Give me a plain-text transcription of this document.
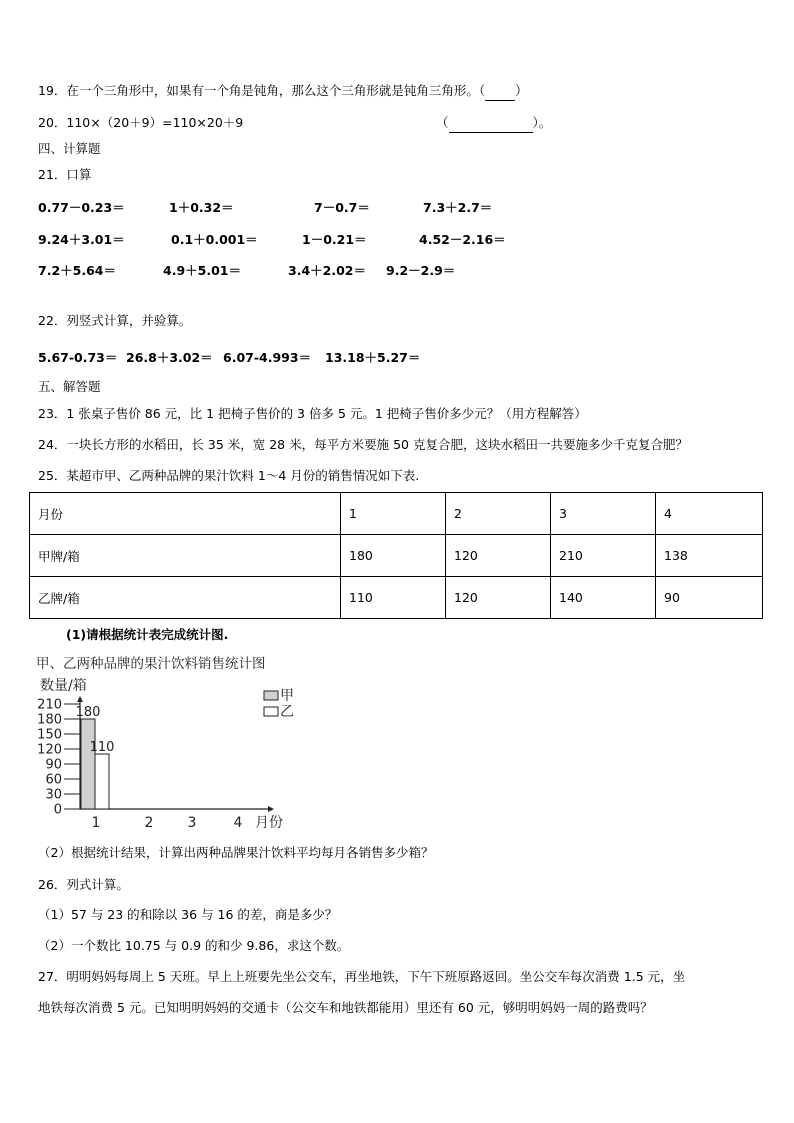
19．在一个三角形中，如果有一个角是钝角，那么这个三角形就是钝角三角形。（ ）
20．110×（20＋9）=110×20＋9	（	）。
四、计算题
21．口算
0.77－0.23＝	1＋0.32＝	7－0.7＝	7.3＋2.7＝
9.24＋3.01＝	0.1＋0.001＝	1－0.21＝	4.52－2.16＝
7.2＋5.64＝	4.9＋5.01＝	3.4＋2.02＝ 9.2－2.9＝
22．列竖式计算，并验算。
5.67-0.73＝ 26.8＋3.02＝ 6.07-4.993＝ 13.18＋5.27＝
五、解答题
23．1 张桌子售价 86 元，比 1 把椅子售价的 3 倍多 5 元。1 把椅子售价多少元？（用方程解答）
24．一块长方形的水稻田，长 35 米，宽 28 米，每平方米要施 50 克复合肥，这块水稻田一共要施多少千克复合肥？
25．某超市甲、乙两种品牌的果汁饮料 1～4 月份的销售情况如下表.
月份	1	2	3	4
甲牌/箱	180	120	210	138
乙牌/箱	110	120	140	90
(1)请根据统计表完成统计图.
甲、乙两种品牌的果汁饮料销售统计图
数量/箱
0
30
60
90
120
150
180
210
月份
180
110
1	2 3	4
甲
乙
（2）根据统计结果，计算出两种品牌果汁饮料平均每月各销售多少箱？
26．列式计算。
（1）57 与 23 的和除以 36 与 16 的差，商是多少？
（2）一个数比 10.75 与 0.9 的和少 9.86，求这个数。
27．明明妈妈每周上 5 天班。早上上班要先坐公交车，再坐地铁，下午下班原路返回。坐公交车每次消费 1.5 元，坐
地铁每次消费 5 元。已知明明妈妈的交通卡（公交车和地铁都能用）里还有 60 元，够明明妈妈一周的路费吗？
